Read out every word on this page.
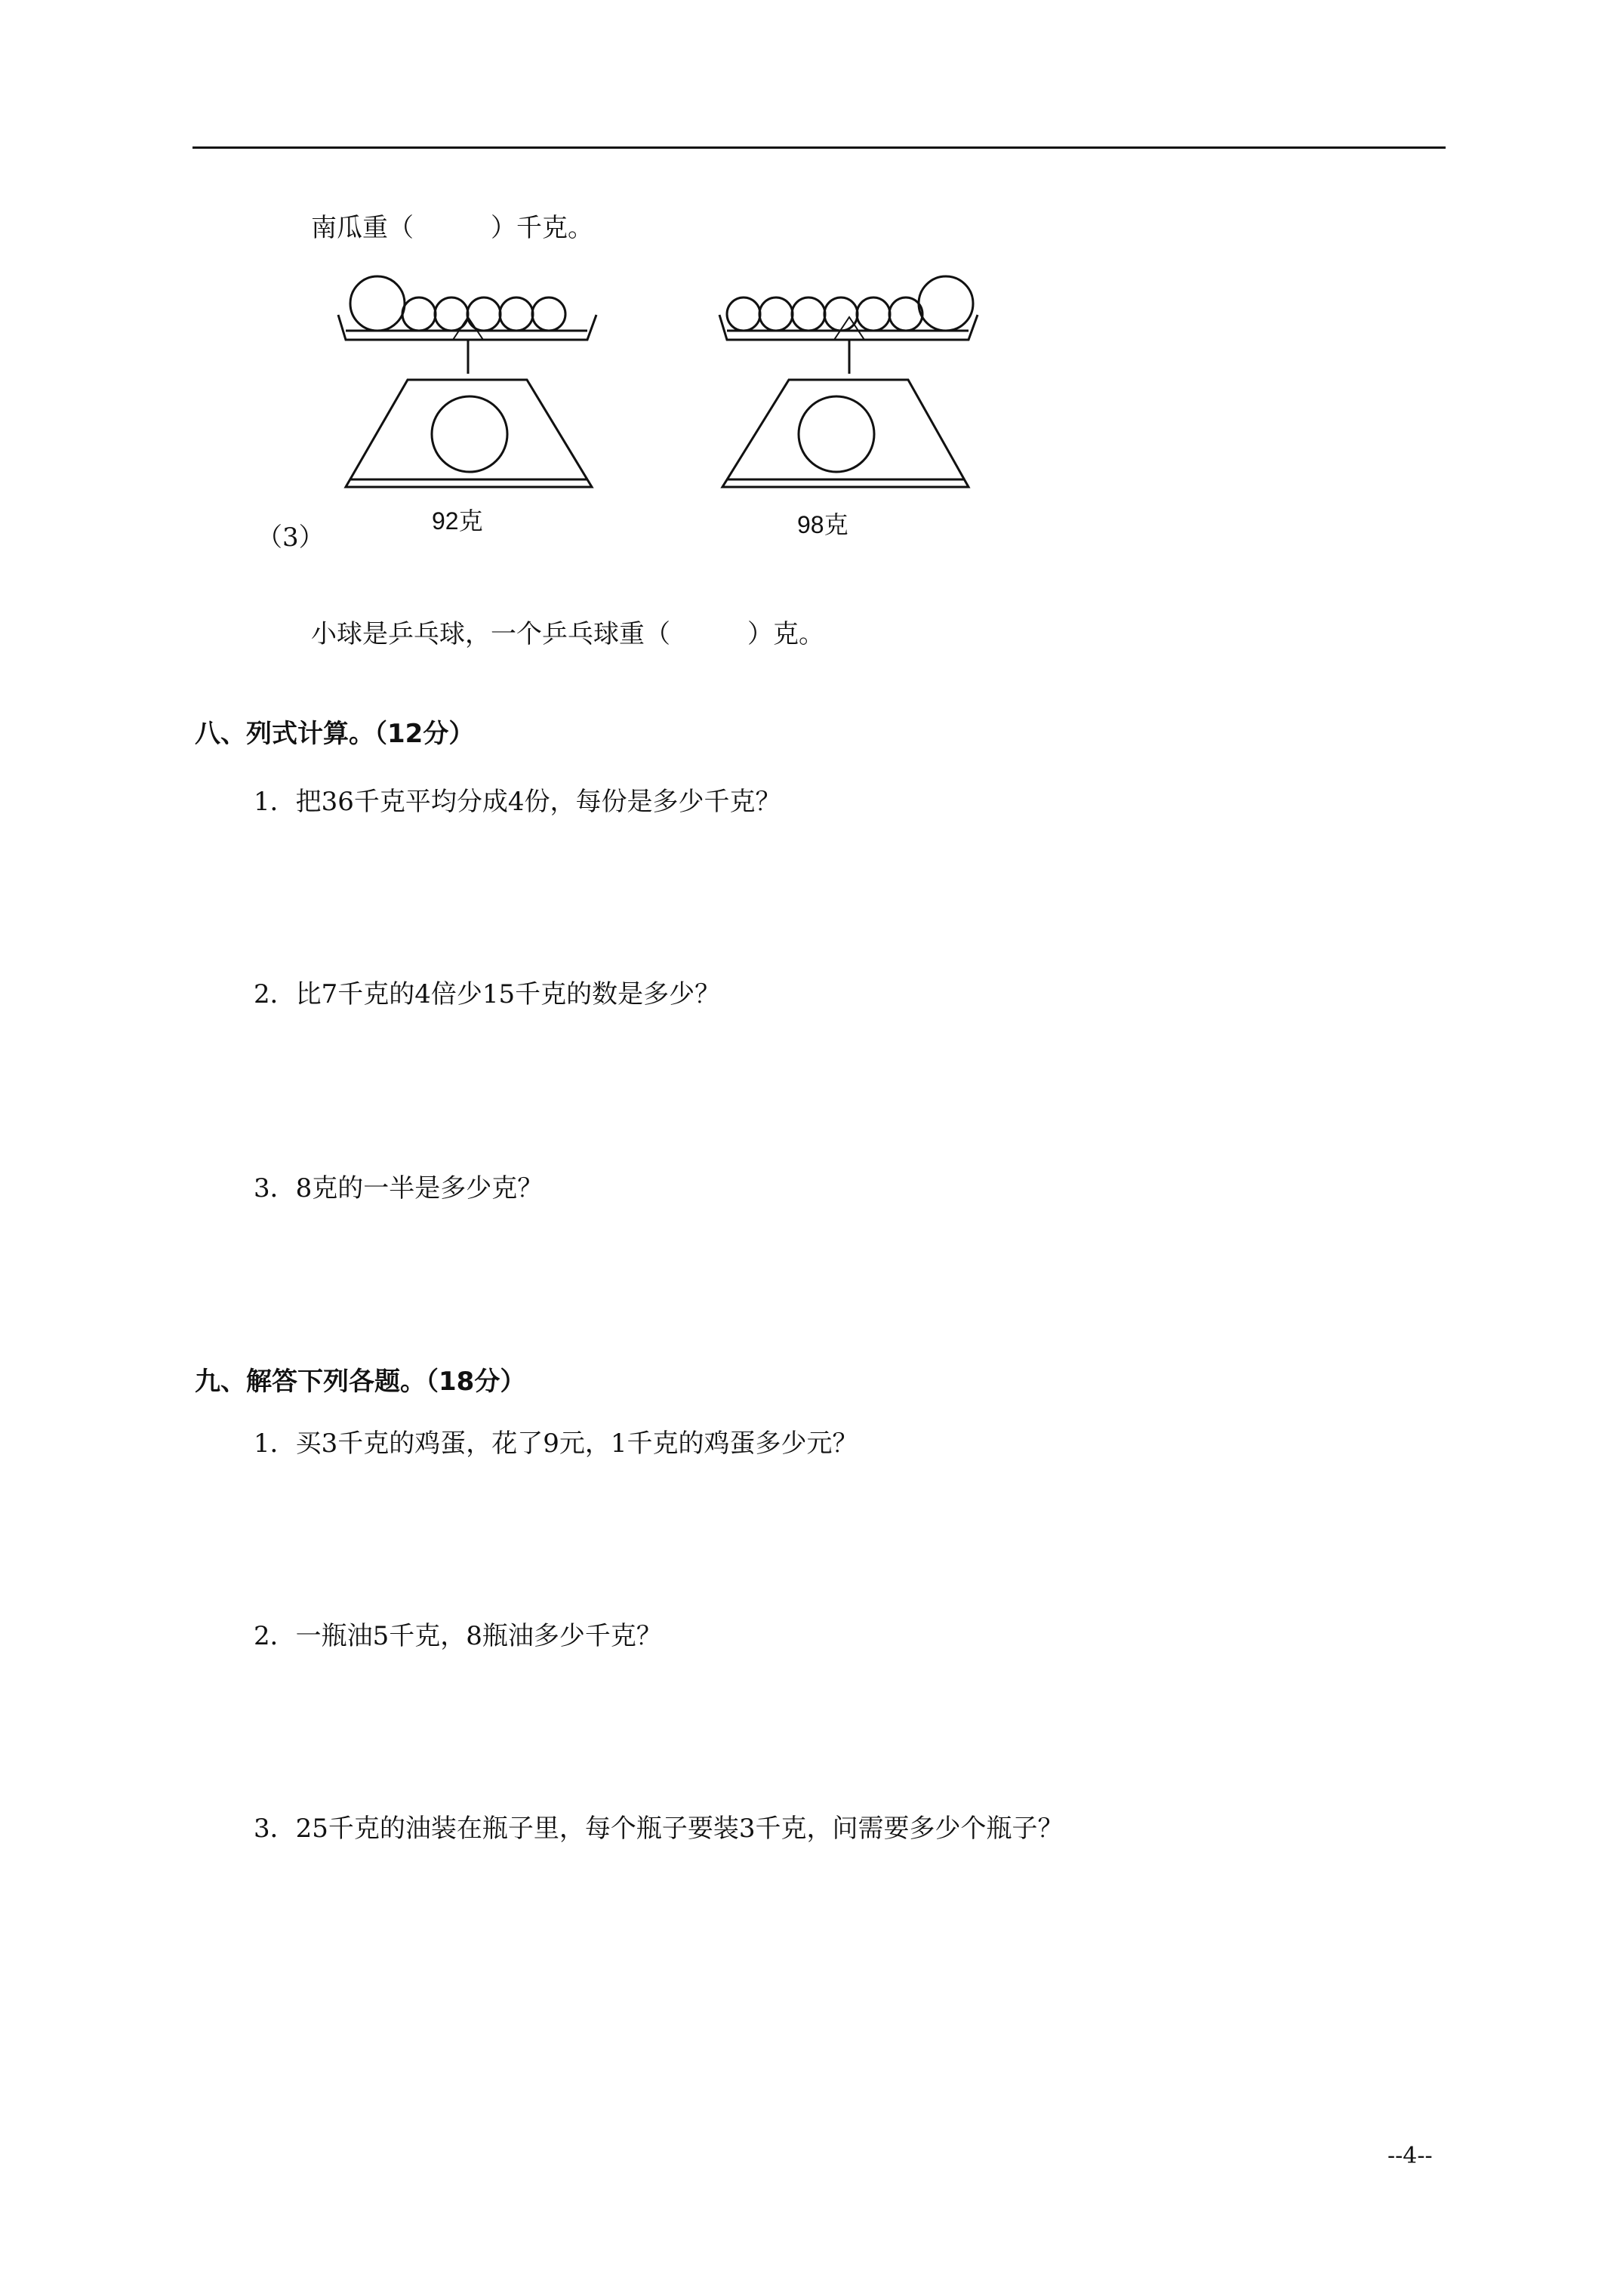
南瓜重（　　　）千克。
92克	98克
（3）
小球是乒乓球，一个乒乓球重（　　　）克。
八、列式计算。（12分）
1．把36千克平均分成4份，每份是多少千克？
2．比7千克的4倍少15千克的数是多少？
3．8克的一半是多少克？
九、解答下列各题。（18分）
1．买3千克的鸡蛋，花了9元，1千克的鸡蛋多少元？
2．一瓶油5千克，8瓶油多少千克？
3．25千克的油装在瓶子里，每个瓶子要装3千克，问需要多少个瓶子？
--4--
